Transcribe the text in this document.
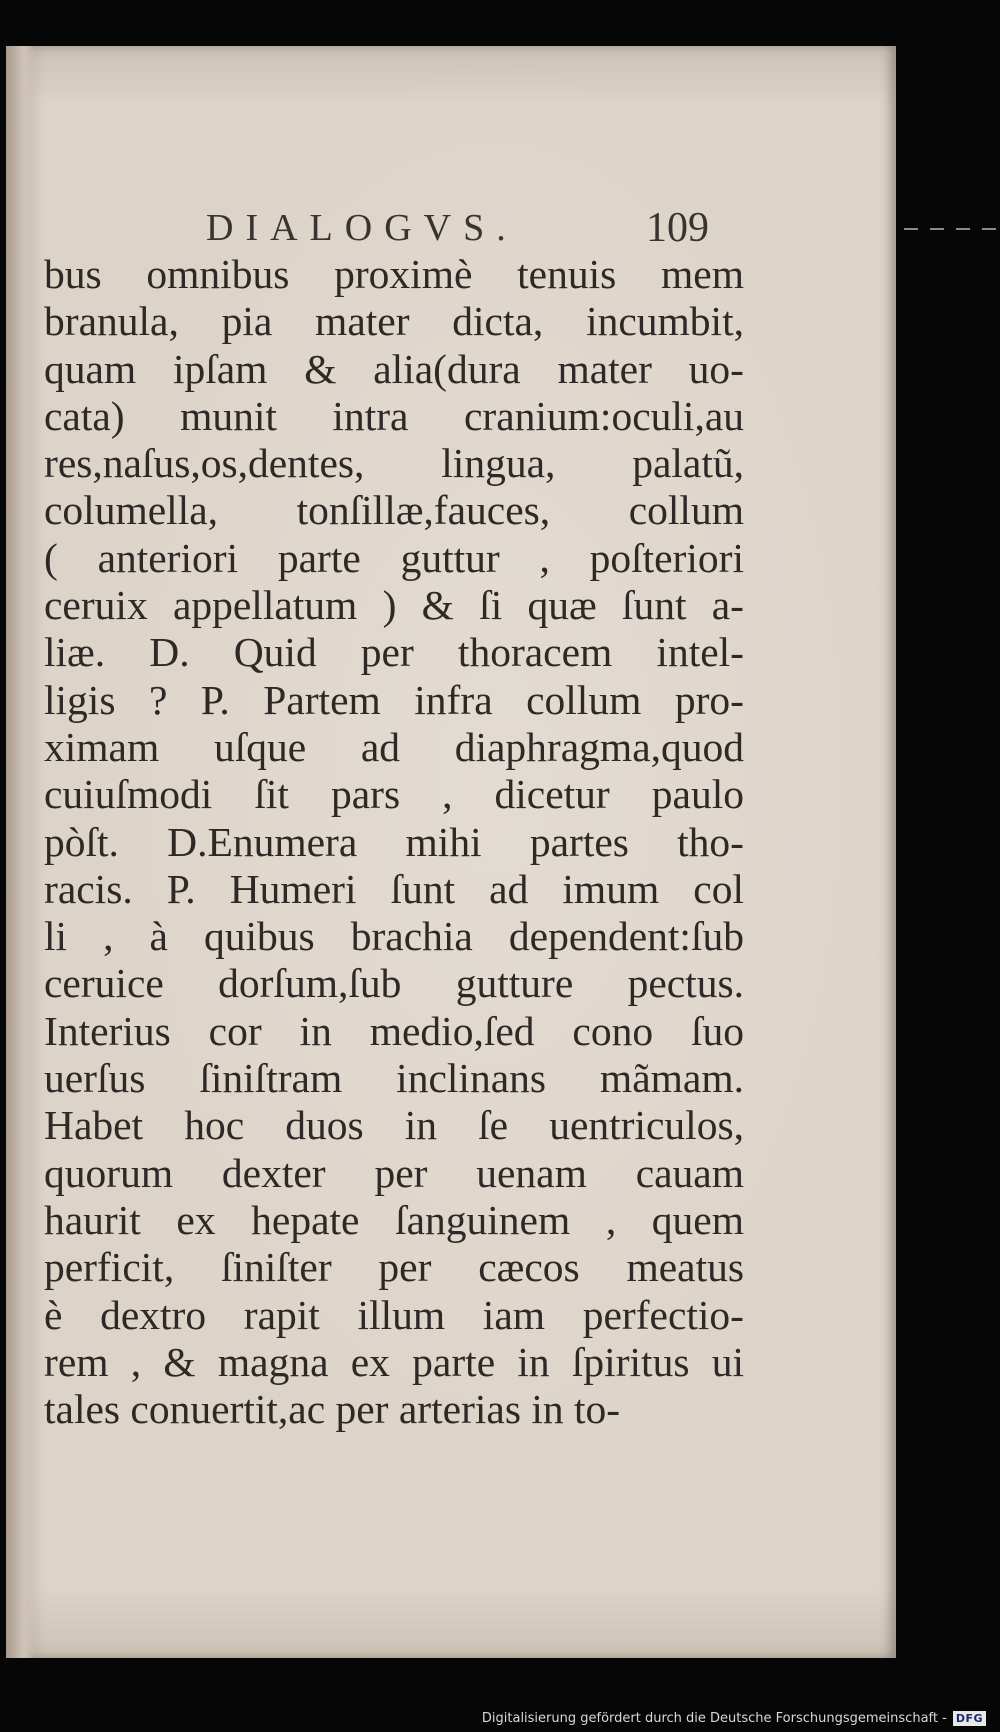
DIALOGVS.	109
bus omnibus proximè tenuis mem
branula, pia mater dicta, incumbit,
quam ipſam & alia(dura mater uo-
cata) munit intra cranium:oculi,au
res,naſus,os,dentes, lingua, palatũ,
columella, tonſillæ,fauces, collum
( anteriori parte guttur , poſteriori
ceruix appellatum ) & ſi quæ ſunt a-
liæ. D. Quid per thoracem intel-
ligis ? P. Partem infra collum pro-
ximam uſque ad diaphragma,quod
cuiuſmodi ſit pars , dicetur paulo
pòſt. D.Enumera mihi partes tho-
racis. P. Humeri ſunt ad imum col
li , à quibus brachia dependent:ſub
ceruice dorſum,ſub gutture pectus.
Interius cor in medio,ſed cono ſuo
uerſus ſiniſtram inclinans mãmam.
Habet hoc duos in ſe uentriculos,
quorum dexter per uenam cauam
haurit ex hepate ſanguinem , quem
perficit, ſiniſter per cæcos meatus
è dextro rapit illum iam perfectio-
rem , & magna ex parte in ſpiritus ui
tales conuertit,ac per arterias in to-
Digitalisierung gefördert durch die Deutsche Forschungsgemeinschaft - DFG
